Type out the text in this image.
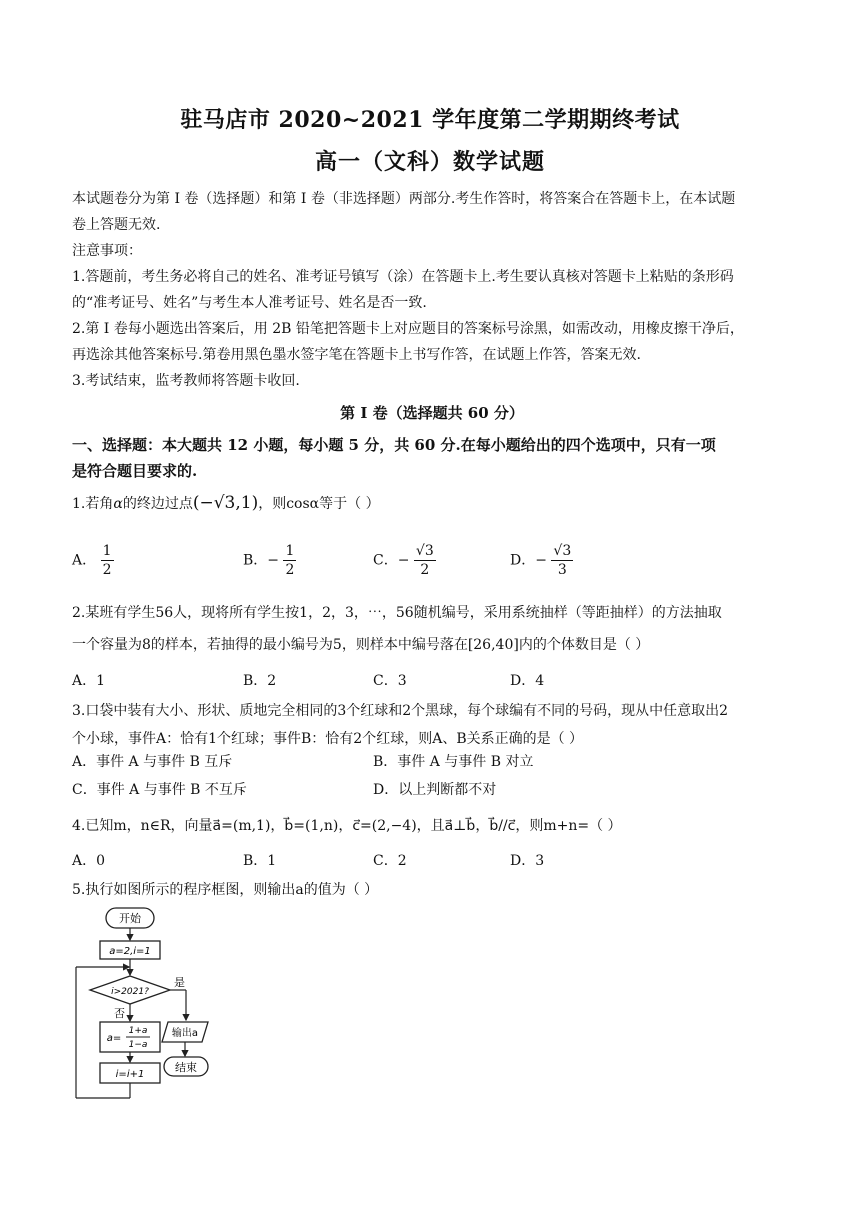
驻马店市 2020~2021 学年度第二学期期终考试
高一（文科）数学试题
本试题卷分为第 I 卷（选择题）和第 I 卷（非选择题）两部分.考生作答时，将答案合在答题卡上，在本试题
卷上答题无效.
注意事项：
1.答题前，考生务必将自己的姓名、准考证号镇写（涂）在答题卡上.考生要认真核对答题卡上粘贴的条形码
的“准考证号、姓名”与考生本人准考证号、姓名是否一致.
2.第 I 卷每小题选出答案后，用 2B 铅笔把答题卡上对应题目的答案标号涂黑，如需改动，用橡皮擦干净后，
再选涂其他答案标号.第卷用黑色墨水签字笔在答题卡上书写作答，在试题上作答，答案无效.
3.考试结束，监考教师将答题卡收回.
第 I 卷（选择题共 60 分）
一、选择题：本大题共 12 小题，每小题 5 分，共 60 分.在每小题给出的四个选项中，只有一项
是符合题目要求的.
1.若角α的终边过点(−√3,1)，则cosα等于（ ）
A． $\frac{1}{2}$	B．− $\frac{1}{2}$	C．− $\frac{√3}{2}$	D．− $\frac{√3}{3}$
2.某班有学生56人，现将所有学生按1，2，3，⋯，56随机编号，采用系统抽样（等距抽样）的方法抽取
一个容量为8的样本，若抽得的最小编号为5，则样本中编号落在[26,40]内的个体数目是（ ）
A．1	B．2	C．3	D．4
3.口袋中装有大小、形状、质地完全相同的3个红球和2个黑球，每个球编有不同的号码，现从中任意取出2
个小球，事件A：恰有1个红球；事件B：恰有2个红球，则A、B关系正确的是（ ）
A．事件 A 与事件 B 互斥	B．事件 A 与事件 B 对立
C．事件 A 与事件 B 不互斥	D．以上判断都不对
4.已知m，n∈R，向量a⃗=(m,1)，b⃗=(1,n)，c⃗=(2,−4)，且a⃗⊥b⃗，b⃗//c⃗，则m+n=（ ）
A．0	B．1	C．2	D．3
5.执行如图所示的程序框图，则输出a的值为（ ）
开始
a=2,i=1
i>2021?
是
输出a
结束
否
a=
1+a
1−a
i=i+1
